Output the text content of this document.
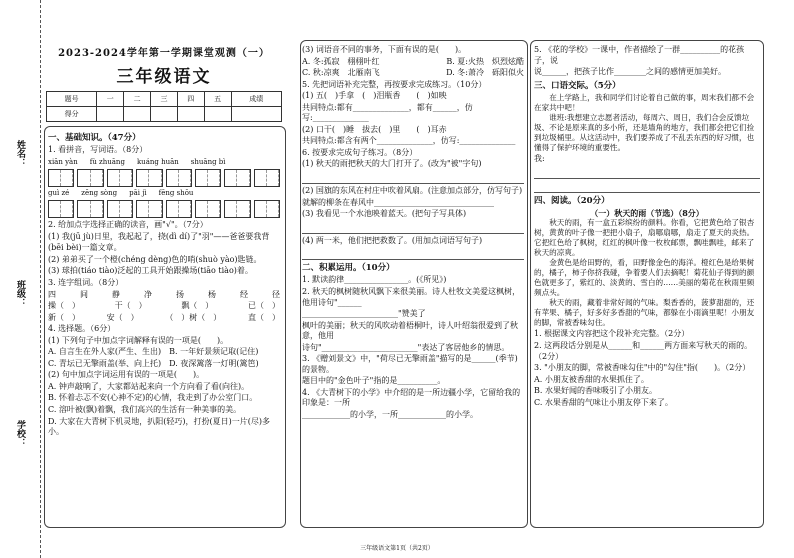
姓名：
班级：
学校：
2023-2024学年第一学期课堂观测（一）
三年级语文
题号	一	二	三	四	五	成绩
得分						
一、基础知识。（47分）
1. 看拼音，写词语。（8分）
xiān yàn fù zhuāng kuáng huān shuāng bì
guì zé zēng sòng pāi jì fēng shōu
2. 给加点字选择正确的读音，画"√"。（7分）
(1) 我(jū jù)日里，我起起了，挠(dì dí)了"羽"——爸爸要我背
(bēi bèi)一篇文章。
(2) 弟弟买了一个橙(chéng dèng)色的哨(shuò yào)匙链。
(3) 球拍(tiáo tiào)泛起的工具开始跟操场(tiāo tiào)着。
3. 连字组词。（8分）
四	间	静	净	扬	杨	经	径
操（　）	干（　）	飘（　）	已（　）
新（　）	安（　）	（　）树（　）	直（　）
4. 选择题。（6分）
(1) 下列句子中加点字词解释有误的一项是(　　)。
A. 自言生在外人家(严生、生出)　B. 一年好景须记取(记住)
C. 青坛已无擎雨盖(举、向上托)　D. 夜深篱落一灯明(篱笆)
(2) 句中加点字词运用有误的一项是(　　)。
A. 钟声敲响了，大家都站起来向一个方向看了看(向往)。
B. 怀着忐忑不安(心神不定)的心情，我走到了办公室门口。
C. 溶叶被(飘)着飘，我们高兴的生活有一种美事的美。
D. 大家在大青树下机灵地，扒阳(轻巧)，打扮(夏日)一片(尽)多小。
(3) 词语音不同的事务，下面有误的是(　　)。
A. 冬:孤寂　栩栩叶红	B. 夏:火热　炽烈炫酷
C. 秋:凉爽　北雁南飞	D. 冬:萧冷　砾阳似火
5. 先把词语补充完整，再按要求完成练习。（10分）
(1) 五(　)手拿　(　)泪瓶香　　(　)如映
共同特点:都有______________，都有______，仿写:______________
(2) 口干(　)睡　拔去(　)里　　(　)耳赤
共同特点:都含有两个______________，仿写:______________
6. 按要求完成句子练习。（8分）
(1) 秋天的雨把秋天的大门打开了。(改为"被"字句)
(2) 国旗的东风在村庄中吹着风扇。(注意加点部分，仿写句子)
就解的柳条在春风中______________________________
(3) 我看见一个水池映着蓝天。(把句子写具体)
(4) 两一米，他们把把救数了。(用加点词语写句子)
二、积累运用。（10分）
1. 默读韵律________________。(《所见》)
2. 秋天的枫树随秋风飘下来很美丽。诗人杜牧文美爱这枫树，他用诗句"______
________________________"赞美了
枫叶的美丽；秋天的风吹动着梧桐叶，诗人叶绍翁很爱到了秋意，他用
诗句"________________________"表达了客居他乡的情思。
3. 《赠刘景文》中，"荷尽已无擎雨盖"描写的是______(季节)的景物。
题目中的"金色叶子"指的是__________。
4. 《大青树下的小学》中介绍的是一所边疆小学，它留给我的印象是：一所
____________的小学，一所____________的小学。
5. 《花的学校》一课中，作者描绘了一群__________的花孩子，说
说______，把孩子比作________之间的感情更加美好。
三、口语交际。（5分）
在上学路上，我和同学们讨论着自己做的事，周末我们都不会在家共中吧！
谁班:我想建立志愿者活动，每周六、周日，我们合会反馈垃圾、不论是原来真的多小所，还是墙角的地方，我们都会把它们捡到垃圾桶里。从这活动中，我们要养成了不乱丢东西的好习惯，也懂得了保护环境的重要性。
我:
四、阅读。（20分）
（一）秋天的雨（节选）（8分）
秋天的雨，有一盒五彩缤纷的颜料。你看，它把黄色给了银杏树，黄黄的叶子像一把把小扇子，扇哪扇哪，扇走了夏天的炎热。它把红色给了枫树，红红的枫叶像一枚枚邮票，飘哇飘哇，邮来了秋天的凉爽。
金黄色是给田野的，看，田野像金色的海洋。橙红色是给果树的，橘子，柿子你挤我碰，争着要人们去摘呢！菊花仙子得到的颜色就更多了，紫红的、淡黄的、雪白的……美丽的菊花在秋雨里频频点头。
秋天的雨，藏着非常好闻的气味。梨香香的，菠萝甜甜的，还有苹果、橘子，好多好多香甜的气味，都躲在小雨滴里呢！小朋友的脚，常被香味勾住。
1. 根据课文内容把这个段补充完整。（2分）
2. 这两段话分别是从______和______两方面来写秋天的雨的。（2分）
3. "小朋友的脚，常被香味勾住"中的"勾住"指(　　)。（2分）
A. 小朋友被香甜的水果抓住了。
B. 水果好闻的香味吸引了小朋友。
C. 水果香甜的气味让小朋友停下来了。
三年级语文第1页（共2页）
